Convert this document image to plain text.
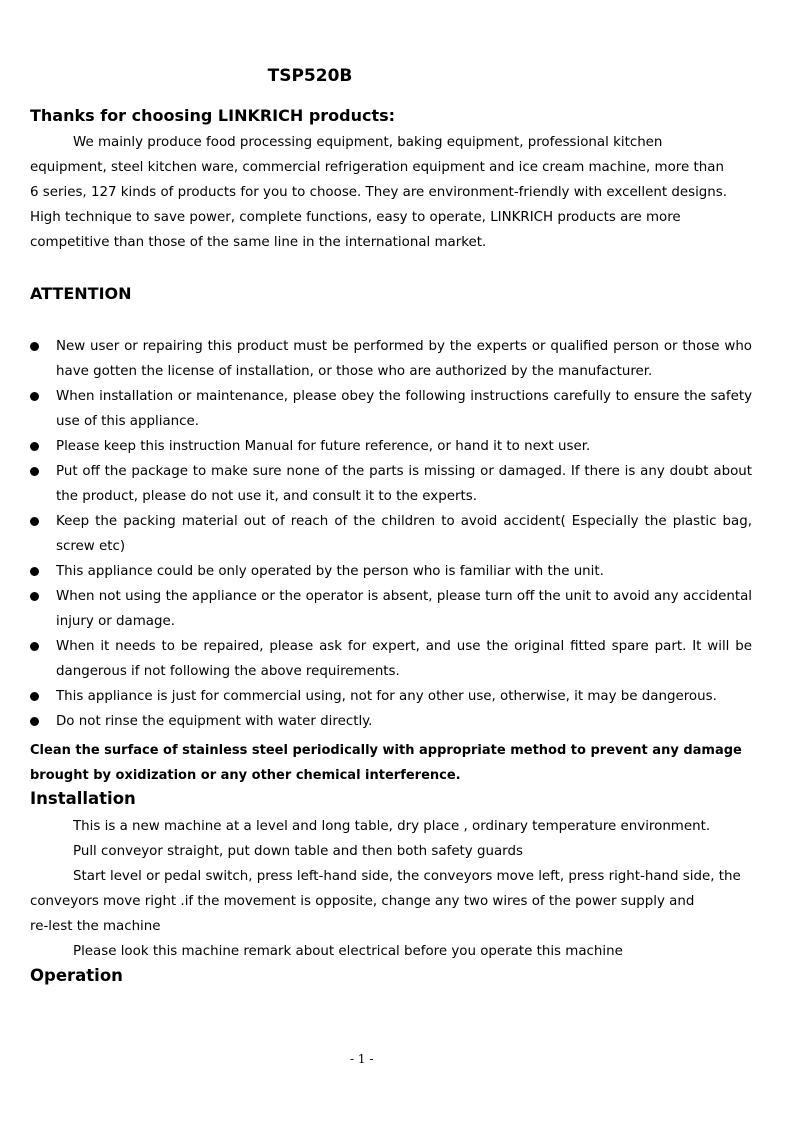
TSP520B
Thanks for choosing LINKRICH products:
We mainly produce food processing equipment, baking equipment, professional kitchen
equipment, steel kitchen ware, commercial refrigeration equipment and ice cream machine, more than
6 series, 127 kinds of products for you to choose. They are environment-friendly with excellent designs.
High technique to save power, complete functions, easy to operate, LINKRICH products are more
competitive than those of the same line in the international market.
ATTENTION
New user or repairing this product must be performed by the experts or qualified person or those who have gotten the license of installation, or those who are authorized by the manufacturer.
When installation or maintenance, please obey the following instructions carefully to ensure the safety use of this appliance.
Please keep this instruction Manual for future reference, or hand it to next user.
Put off the package to make sure none of the parts is missing or damaged. If there is any doubt about the product, please do not use it, and consult it to the experts.
Keep the packing material out of reach of the children to avoid accident( Especially the plastic bag, screw etc)
This appliance could be only operated by the person who is familiar with the unit.
When not using the appliance or the operator is absent, please turn off the unit to avoid any accidental injury or damage.
When it needs to be repaired, please ask for expert, and use the original fitted spare part. It will be dangerous if not following the above requirements.
This appliance is just for commercial using, not for any other use, otherwise, it may be dangerous.
Do not rinse the equipment with water directly.
Clean the surface of stainless steel periodically with appropriate method to prevent any damage
brought by oxidization or any other chemical interference.
Installation
This is a new machine at a level and long table, dry place , ordinary temperature environment.
Pull conveyor straight, put down table and then both safety guards
Start level or pedal switch, press left-hand side, the conveyors move left, press right-hand side, the
conveyors move right .if the movement is opposite, change any two wires of the power supply and
re-lest the machine
Please look this machine remark about electrical before you operate this machine
Operation
- 1 -
